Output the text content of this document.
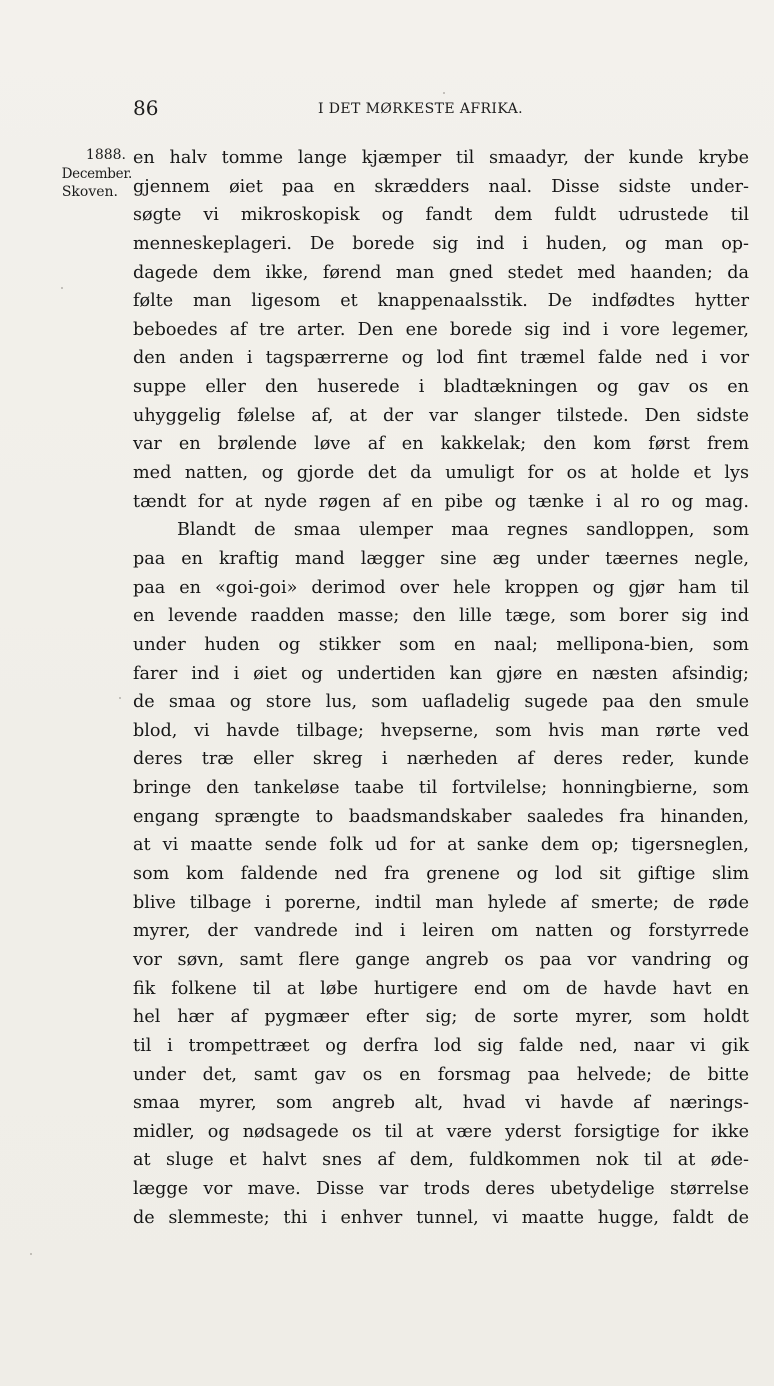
86	I DET MØRKESTE AFRIKA.
1888.
December.
Skoven.
en halv tomme lange kjæmper til smaadyr, der kunde krybe
gjennem øiet paa en skrædders naal. Disse sidste under-
søgte vi mikroskopisk og fandt dem fuldt udrustede til
menneskeplageri. De borede sig ind i huden, og man op-
dagede dem ikke, førend man gned stedet med haanden; da
følte man ligesom et knappenaalsstik. De indfødtes hytter
beboedes af tre arter. Den ene borede sig ind i vore legemer,
den anden i tagspærrerne og lod fint træmel falde ned i vor
suppe eller den huserede i bladtækningen og gav os en
uhyggelig følelse af, at der var slanger tilstede. Den sidste
var en brølende løve af en kakkelak; den kom først frem
med natten, og gjorde det da umuligt for os at holde et lys
tændt for at nyde røgen af en pibe og tænke i al ro og mag.
Blandt de smaa ulemper maa regnes sandloppen, som
paa en kraftig mand lægger sine æg under tæernes negle,
paa en «goi-goi» derimod over hele kroppen og gjør ham til
en levende raadden masse; den lille tæge, som borer sig ind
under huden og stikker som en naal; mellipona-bien, som
farer ind i øiet og undertiden kan gjøre en næsten afsindig;
de smaa og store lus, som uafladelig sugede paa den smule
blod, vi havde tilbage; hvepserne, som hvis man rørte ved
deres træ eller skreg i nærheden af deres reder, kunde
bringe den tankeløse taabe til fortvilelse; honningbierne, som
engang sprængte to baadsmandskaber saaledes fra hinanden,
at vi maatte sende folk ud for at sanke dem op; tigersneglen,
som kom faldende ned fra grenene og lod sit giftige slim
blive tilbage i porerne, indtil man hylede af smerte; de røde
myrer, der vandrede ind i leiren om natten og forstyrrede
vor søvn, samt flere gange angreb os paa vor vandring og
fik folkene til at løbe hurtigere end om de havde havt en
hel hær af pygmæer efter sig; de sorte myrer, som holdt
til i trompettræet og derfra lod sig falde ned, naar vi gik
under det, samt gav os en forsmag paa helvede; de bitte
smaa myrer, som angreb alt, hvad vi havde af nærings-
midler, og nødsagede os til at være yderst forsigtige for ikke
at sluge et halvt snes af dem, fuldkommen nok til at øde-
lægge vor mave. Disse var trods deres ubetydelige størrelse
de slemmeste; thi i enhver tunnel, vi maatte hugge, faldt de
